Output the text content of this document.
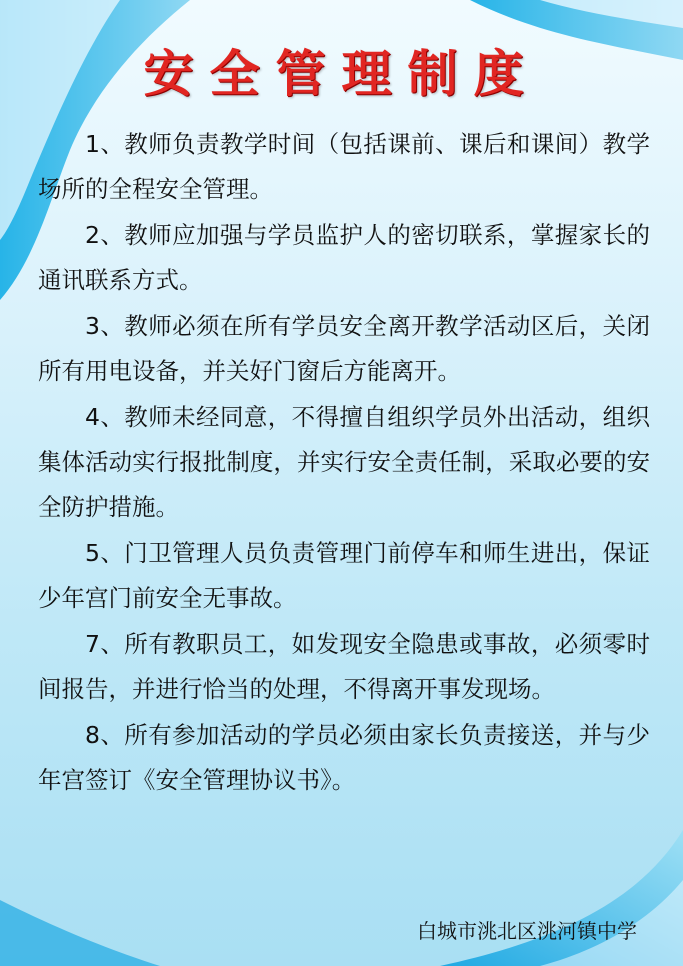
安全管理制度

1、教师负责教学时间（包括课前、课后和课间）教学场所的全程安全管理。

2、教师应加强与学员监护人的密切联系，掌握家长的通讯联系方式。

3、教师必须在所有学员安全离开教学活动区后，关闭所有用电设备，并关好门窗后方能离开。

4、教师未经同意，不得擅自组织学员外出活动，组织集体活动实行报批制度，并实行安全责任制，采取必要的安全防护措施。

5、门卫管理人员负责管理门前停车和师生进出，保证少年宫门前安全无事故。

7、所有教职员工，如发现安全隐患或事故，必须零时间报告，并进行恰当的处理，不得离开事发现场。

8、所有参加活动的学员必须由家长负责接送，并与少年宫签订《安全管理协议书》。

白城市洮北区洮河镇中学
